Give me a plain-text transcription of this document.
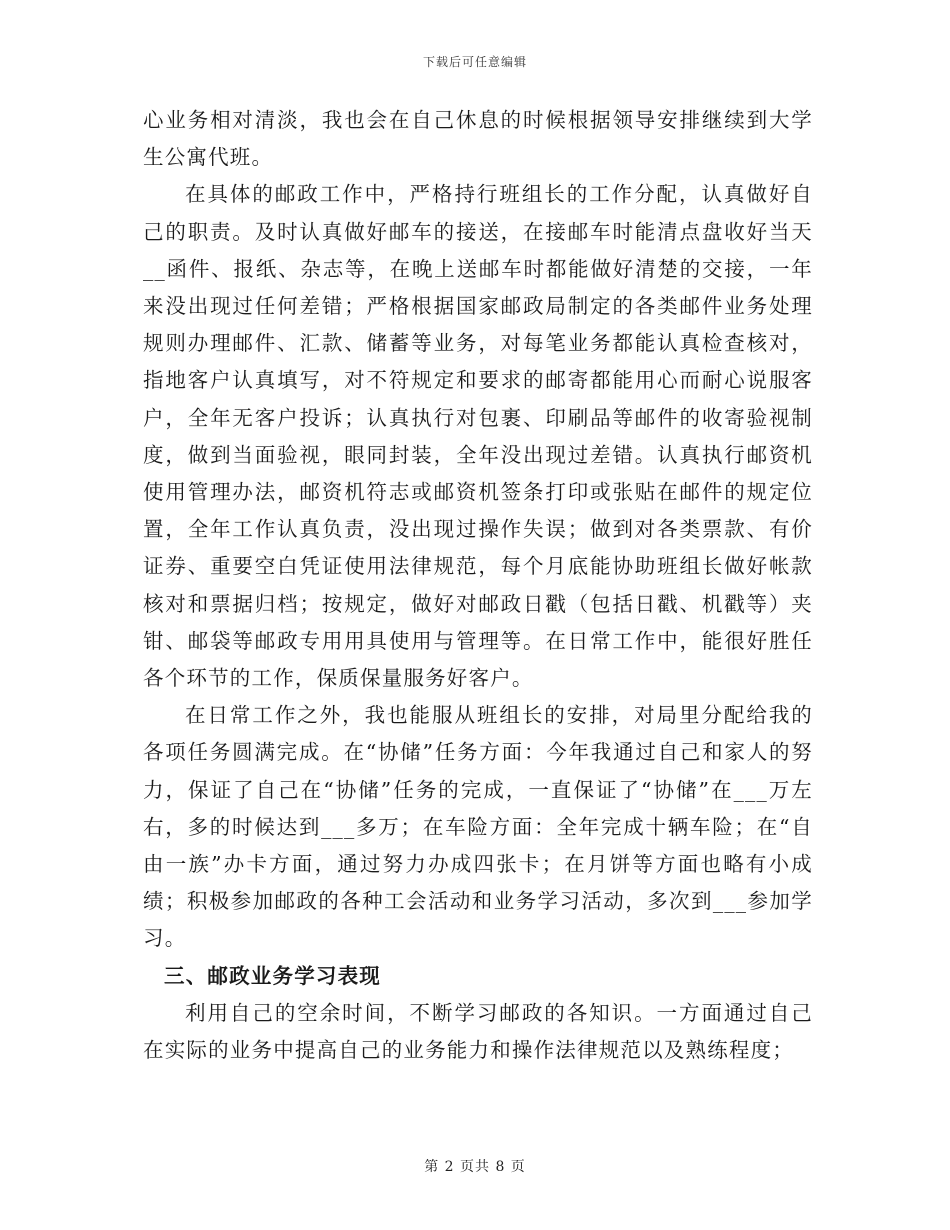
下载后可任意编辑

心业务相对清淡，我也会在自己休息的时候根据领导安排继续到大学生公寓代班。

在具体的邮政工作中，严格持行班组长的工作分配，认真做好自己的职责。及时认真做好邮车的接送，在接邮车时能清点盘收好当天__函件、报纸、杂志等，在晚上送邮车时都能做好清楚的交接，一年来没出现过任何差错；严格根据国家邮政局制定的各类邮件业务处理规则办理邮件、汇款、储蓄等业务，对每笔业务都能认真检查核对，指地客户认真填写，对不符规定和要求的邮寄都能用心而耐心说服客户，全年无客户投诉；认真执行对包裹、印刷品等邮件的收寄验视制度，做到当面验视，眼同封装，全年没出现过差错。认真执行邮资机使用管理办法，邮资机符志或邮资机签条打印或张贴在邮件的规定位置，全年工作认真负责，没出现过操作失误；做到对各类票款、有价证券、重要空白凭证使用法律规范，每个月底能协助班组长做好帐款核对和票据归档；按规定，做好对邮政日戳（包括日戳、机戳等）夹钳、邮袋等邮政专用用具使用与管理等。在日常工作中，能很好胜任各个环节的工作，保质保量服务好客户。

在日常工作之外，我也能服从班组长的安排，对局里分配给我的各项任务圆满完成。在“协储”任务方面：今年我通过自己和家人的努力，保证了自己在“协储”任务的完成，一直保证了“协储”在___万左右，多的时候达到___多万；在车险方面：全年完成十辆车险；在“自由一族”办卡方面，通过努力办成四张卡；在月饼等方面也略有小成绩；积极参加邮政的各种工会活动和业务学习活动，多次到___参加学习。

三、邮政业务学习表现

利用自己的空余时间，不断学习邮政的各知识。一方面通过自己在实际的业务中提高自己的业务能力和操作法律规范以及熟练程度；

第 2 页共 8 页
